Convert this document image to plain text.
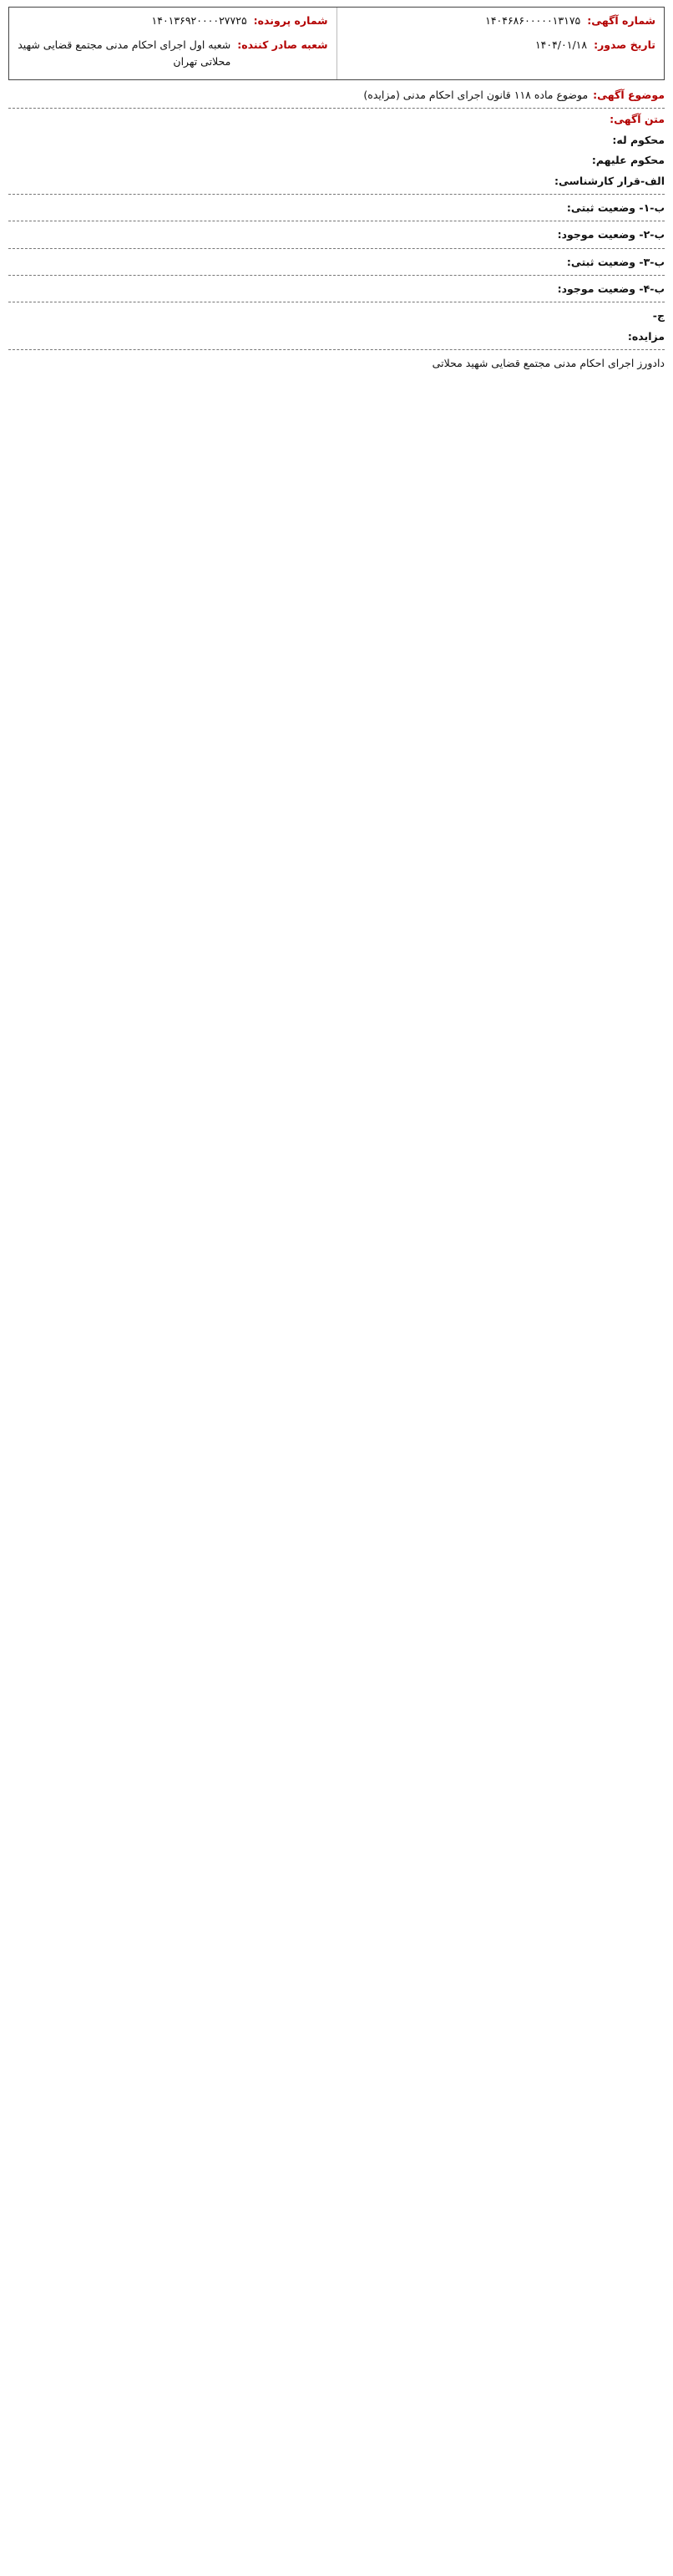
شماره آگهی:
۱۴۰۴۶۸۶۰۰۰۰۰۱۳۱۷۵
تاریخ صدور:
۱۴۰۴/۰۱/۱۸
شماره پرونده:
۱۴۰۱۳۶۹۲۰۰۰۰۲۷۷۲۵
شعبه صادر کننده:
شعبه اول اجرای احکام مدنی مجتمع قضایی شهید محلاتی تهران
موضوع آگهی:
موضوع ماده ۱۱۸ قانون اجرای احکام مدنی (مزایده)
متن آگهی:
محکوم له:
محکوم علیهم:
الف-قرار کارشناسی:
ب-۱- وضعیت ثبتی:
ب-۲- وضعیت موجود:
ب-۳- وضعیت ثبتی:
ب-۴- وضعیت موجود:
ج-
مزایده:
دادورز اجرای احکام مدنی مجتمع قضایی شهید محلاتی
